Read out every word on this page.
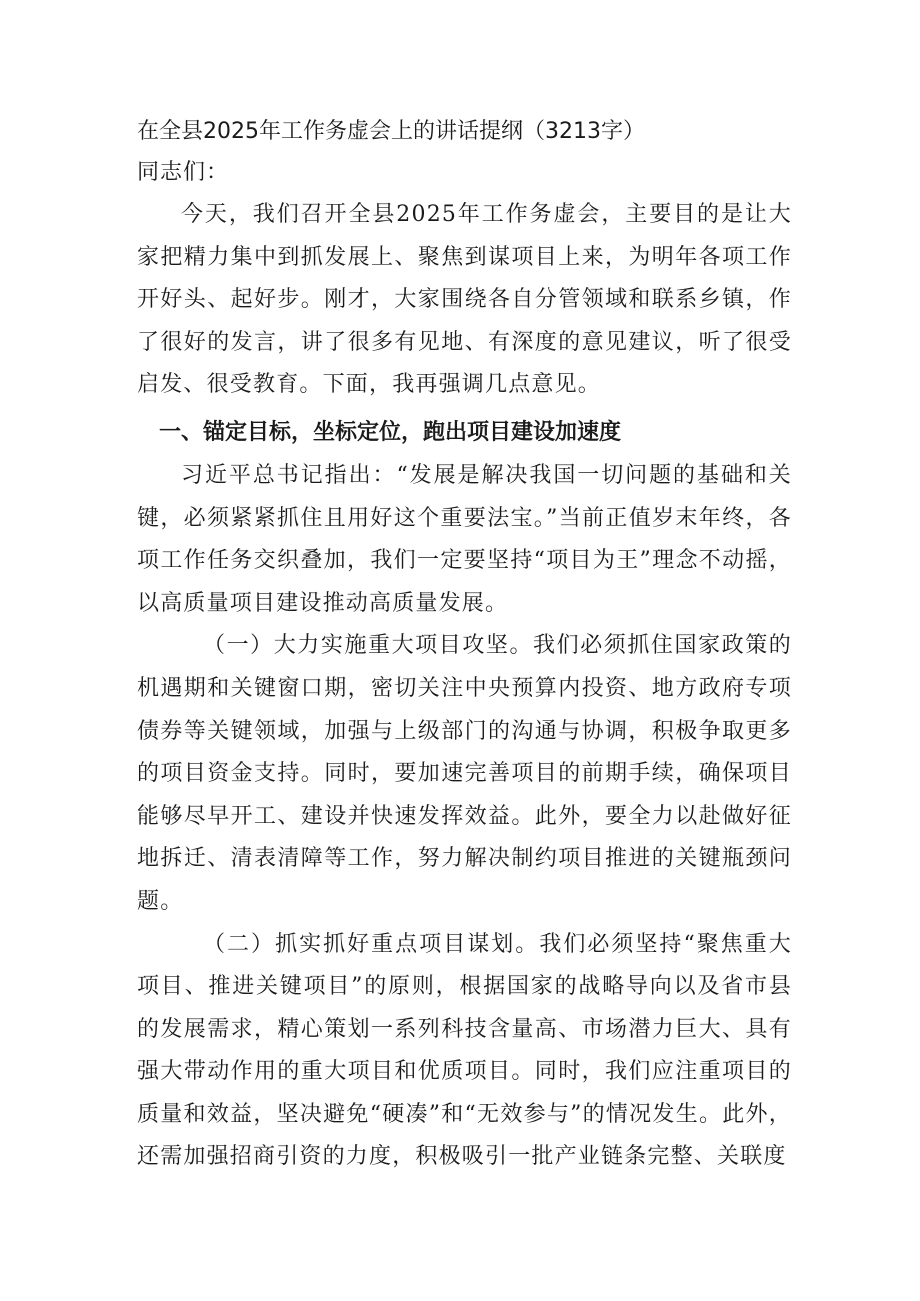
在全县2025年工作务虚会上的讲话提纲（3213字）

同志们：

今天，我们召开全县2025年工作务虚会，主要目的是让大家把精力集中到抓发展上、聚焦到谋项目上来，为明年各项工作开好头、起好步。刚才，大家围绕各自分管领域和联系乡镇，作了很好的发言，讲了很多有见地、有深度的意见建议，听了很受启发、很受教育。下面，我再强调几点意见。

一、锚定目标，坐标定位，跑出项目建设加速度

习近平总书记指出：“发展是解决我国一切问题的基础和关键，必须紧紧抓住且用好这个重要法宝。”当前正值岁末年终，各项工作任务交织叠加，我们一定要坚持“项目为王”理念不动摇，以高质量项目建设推动高质量发展。

（一）大力实施重大项目攻坚。我们必须抓住国家政策的机遇期和关键窗口期，密切关注中央预算内投资、地方政府专项债券等关键领域，加强与上级部门的沟通与协调，积极争取更多的项目资金支持。同时，要加速完善项目的前期手续，确保项目能够尽早开工、建设并快速发挥效益。此外，要全力以赴做好征地拆迁、清表清障等工作，努力解决制约项目推进的关键瓶颈问题。

（二）抓实抓好重点项目谋划。我们必须坚持“聚焦重大项目、推进关键项目”的原则，根据国家的战略导向以及省市县的发展需求，精心策划一系列科技含量高、市场潜力巨大、具有强大带动作用的重大项目和优质项目。同时，我们应注重项目的质量和效益，坚决避免“硬凑”和“无效参与”的情况发生。此外，还需加强招商引资的力度，积极吸引一批产业链条完整、关联度
